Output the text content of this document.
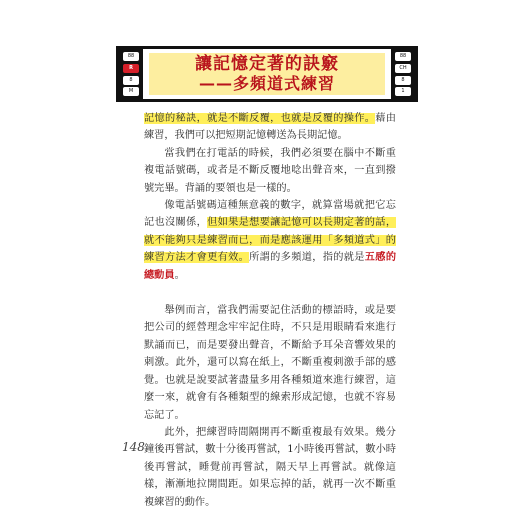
88
R
8
M
讓記憶定著的訣竅
——多頻道式練習
88
CH
8
1

記憶的秘訣，就是不斷反覆，也就是反覆的操作。藉由練習，我們可以把短期記憶轉送為長期記憶。

當我們在打電話的時候，我們必須要在腦中不斷重複電話號碼，或者是不斷反覆地唸出聲音來，一直到撥號完畢。背誦的要領也是一樣的。

像電話號碼這種無意義的數字，就算當場就把它忘記也沒關係，但如果是想要讓記憶可以長期定著的話，就不能夠只是練習而已，而是應該運用「多頻道式」的練習方法才會更有效。所謂的多頻道，指的就是五感的總動員。

舉例而言，當我們需要記住活動的標語時，或是要把公司的經營理念牢牢記住時，不只是用眼睛看來進行默誦而已，而是要發出聲音，不斷給予耳朵音響效果的刺激。此外，還可以寫在紙上，不斷重複刺激手部的感覺。也就是說要試著盡量多用各種頻道來進行練習，這麼一來，就會有各種類型的線索形成記憶，也就不容易忘記了。

此外，把練習時間隔開再不斷重複最有效果。幾分鐘後再嘗試，數十分後再嘗試，1小時後再嘗試，數小時後再嘗試，睡覺前再嘗試，隔天早上再嘗試。就像這樣，漸漸地拉開間距。如果忘掉的話，就再一次不斷重複練習的動作。

148
